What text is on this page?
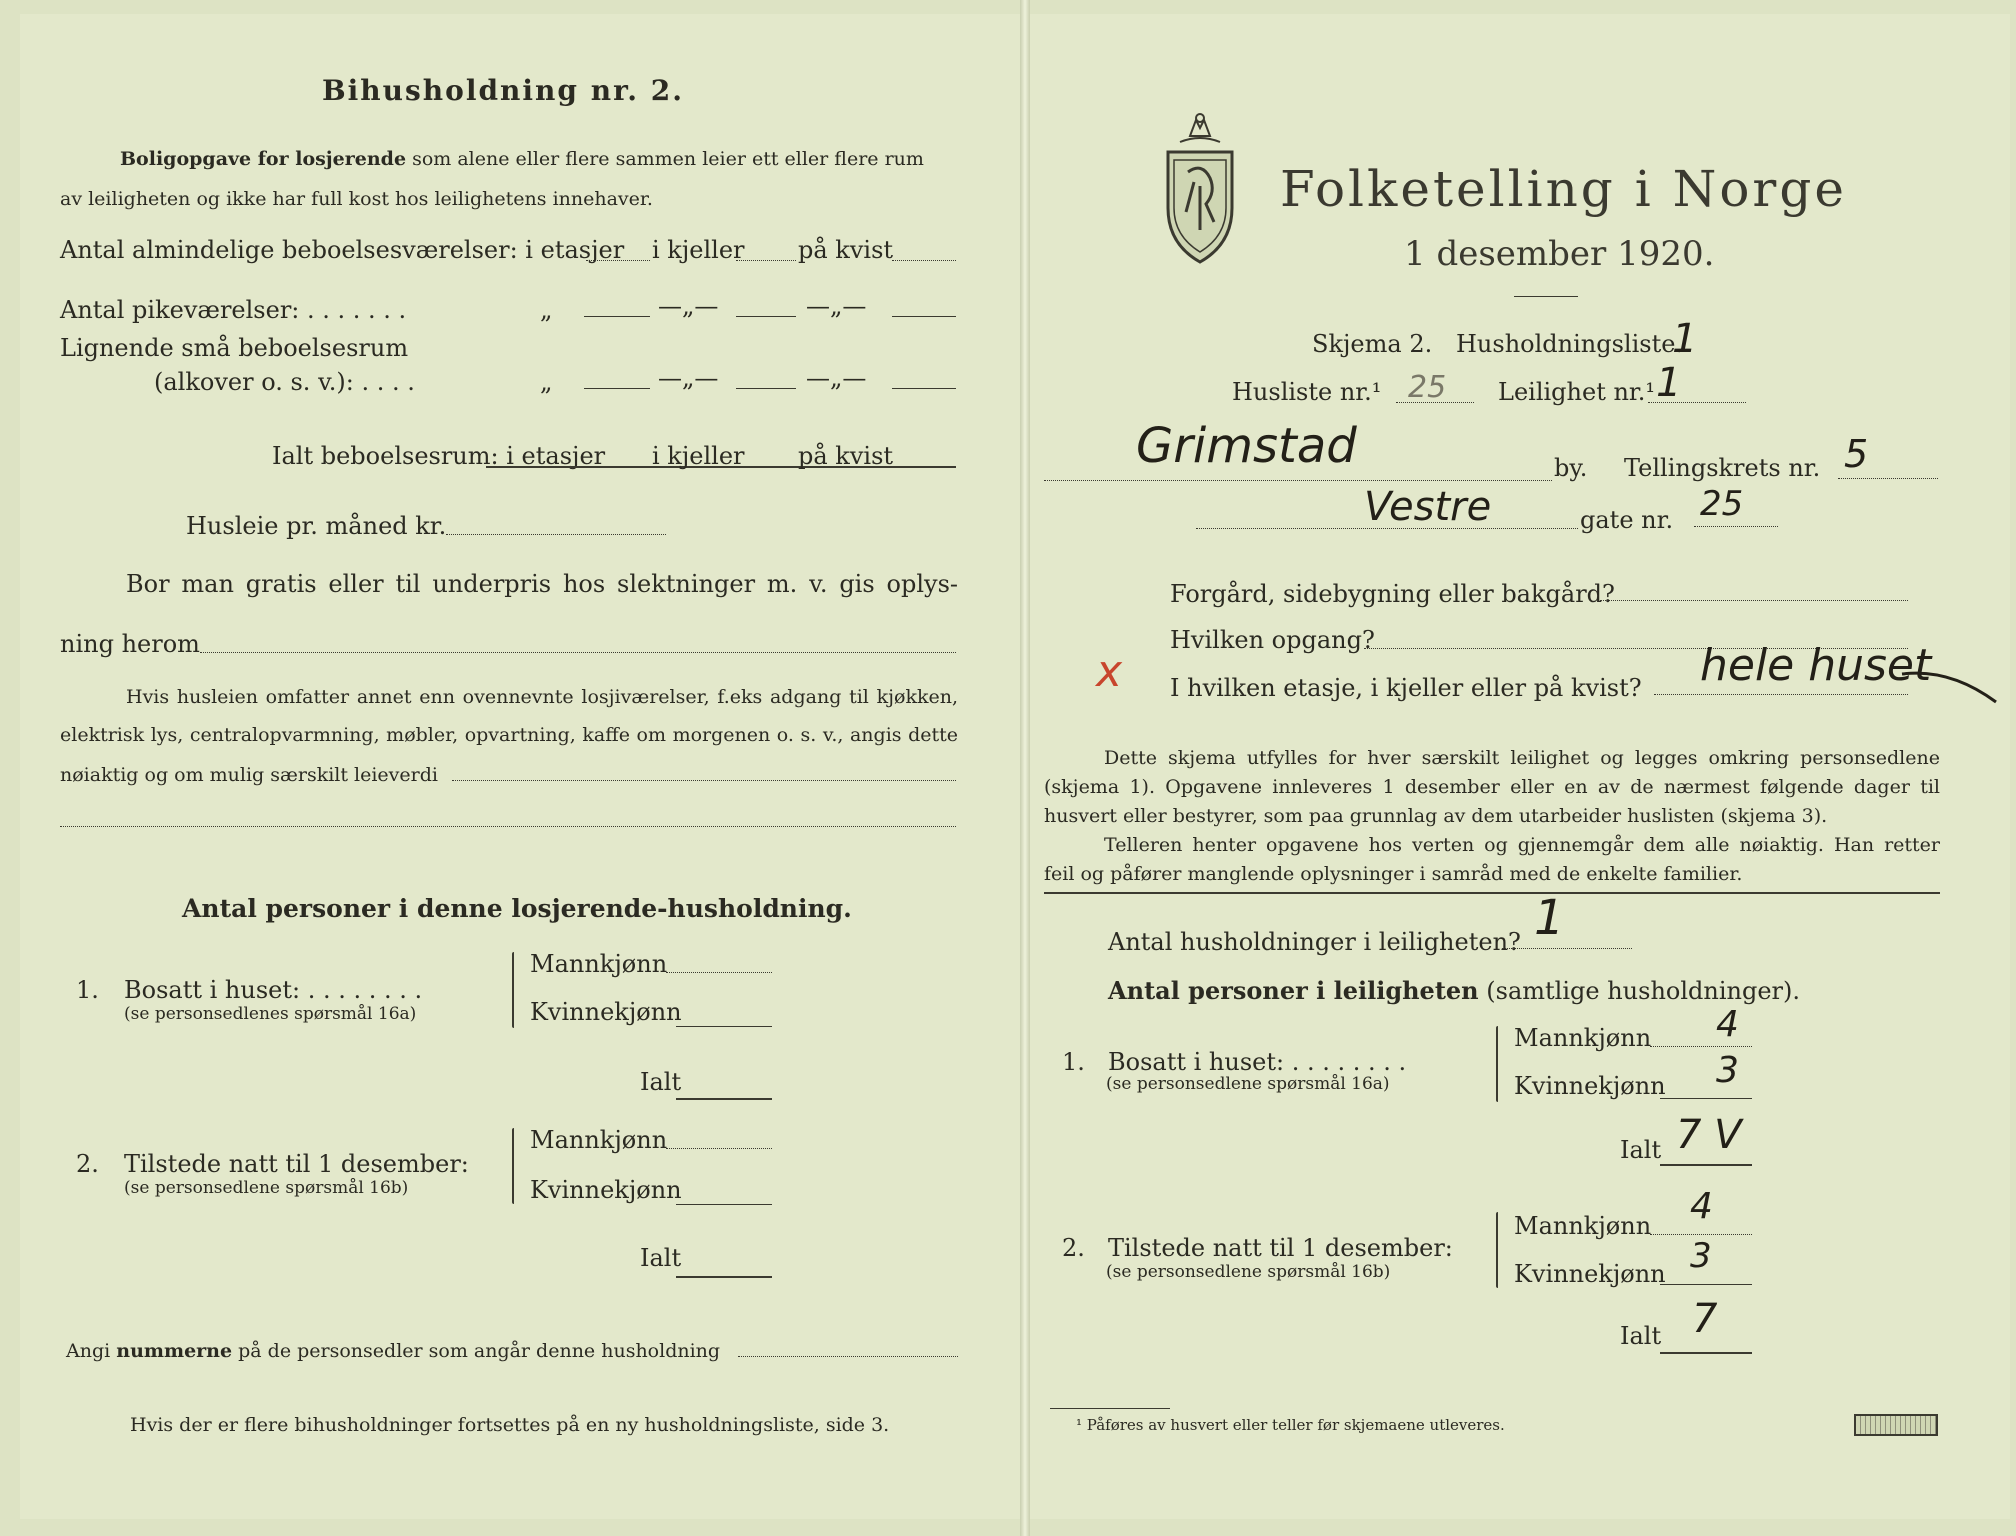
Bihusholdning nr. 2.
Boligopgave for losjerende som alene eller flere sammen leier ett eller flere rum
av leiligheten og ikke har full kost hos leilighetens innehaver.
Antal almindelige beboelsesværelser: i etasjer i kjeller på kvist
Antal pikeværelser: . . . . . . .	„	—„—	—„—
Lignende små beboelsesrum
(alkover o. s. v.): . . . .	„	—„—	—„—
Ialt beboelsesrum: i etasjer i kjeller på kvist
Husleie pr. måned kr.
Bor man gratis eller til underpris hos slektninger m. v. gis oplys-
ning herom
Hvis husleien omfatter annet enn ovennevnte losjiværelser, f.eks adgang til kjøkken,
elektrisk lys, centralopvarmning, møbler, opvartning, kaffe om morgenen o. s. v., angis dette
nøiaktig og om mulig særskilt leieverdi
Antal personer i denne losjerende-husholdning.
1. Bosatt i huset: . . . . . . . .
(se personsedlenes spørsmål 16a)
Mannkjønn
Kvinnekjønn
Ialt
2. Tilstede natt til 1 desember:
(se personsedlene spørsmål 16b)
Mannkjønn
Kvinnekjønn
Ialt
Angi nummerne på de personsedler som angår denne husholdning
Hvis der er flere bihusholdninger fortsettes på en ny husholdningsliste, side 3.
Folketelling i Norge
1 desember 1920.
Skjema 2. Husholdningsliste.
1
Husliste nr.¹ 25 Leilighet nr.¹ 1
Grimstad	by. Tellingskrets nr. 5
Vestre	gate nr. 25
Forgård, sidebygning eller bakgård?
Hvilken opgang?
x I hvilken etasje, i kjeller eller på kvist? hele huset
Dette skjema utfylles for hver særskilt leilighet og legges omkring personsedlene
(skjema 1). Opgavene innleveres 1 desember eller en av de nærmest følgende dager til
husvert eller bestyrer, som paa grunnlag av dem utarbeider huslisten (skjema 3).
Telleren henter opgavene hos verten og gjennemgår dem alle nøiaktig. Han retter
feil og påfører manglende oplysninger i samråd med de enkelte familier.
Antal husholdninger i leiligheten? 1
Antal personer i leiligheten (samtlige husholdninger).
1. Bosatt i huset: . . . . . . . .
(se personsedlene spørsmål 16a)
Mannkjønn 4
Kvinnekjønn 3
Ialt 7 V
2. Tilstede natt til 1 desember:
(se personsedlene spørsmål 16b)
Mannkjønn 4
Kvinnekjønn 3
Ialt 7
¹ Påføres av husvert eller teller før skjemaene utleveres.
